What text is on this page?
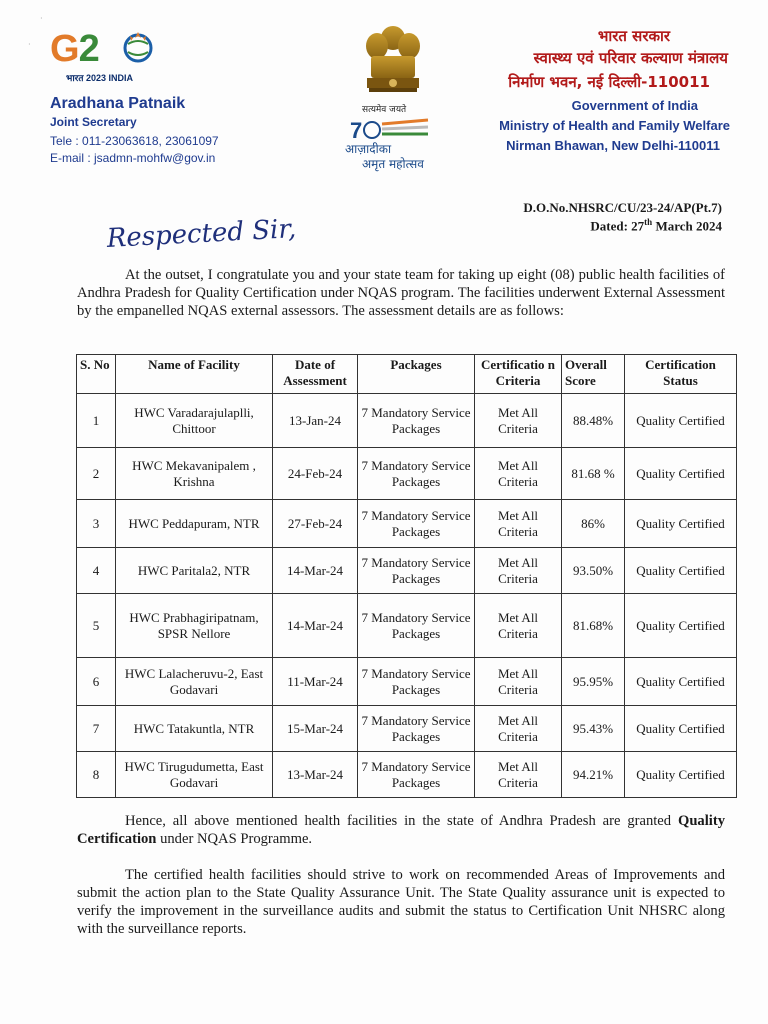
G2
भारत 2023 INDIA
·
·
Aradhana Patnaik
Joint Secretary
Tele : 011-23063618, 23061097
E-mail : jsadmn-mohfw@gov.in
सत्यमेव जयते
7
आज़ादीका
अमृत महोत्सव
भारत सरकार
स्वास्थ्य एवं परिवार कल्याण मंत्रालय
निर्माण भवन, नई दिल्ली-110011
Government of India
Ministry of Health and Family Welfare
Nirman Bhawan, New Delhi-110011
D.O.No.NHSRC/CU/23-24/AP(Pt.7)
Dated: 27th March 2024
Respected Sir,
At the outset, I congratulate you and your state team for taking up eight (08) public health facilities of Andhra Pradesh for Quality Certification under NQAS program. The facilities underwent External Assessment by the empanelled NQAS external assessors. The assessment details are as follows:
S. No	Name of Facility	Date of Assessment	Packages	Certificatio n Criteria	Overall Score	Certification Status
1	HWC Varadarajulaplli, Chittoor	13-Jan-24	7 Mandatory Service Packages	Met All Criteria	88.48%	Quality Certified
2	HWC Mekavanipalem , Krishna	24-Feb-24	7 Mandatory Service Packages	Met All Criteria	81.68 %	Quality Certified
3	HWC Peddapuram, NTR	27-Feb-24	7 Mandatory Service Packages	Met All Criteria	86%	Quality Certified
4	HWC Paritala2, NTR	14-Mar-24	7 Mandatory Service Packages	Met All Criteria	93.50%	Quality Certified
5	HWC Prabhagiripatnam, SPSR Nellore	14-Mar-24	7 Mandatory Service Packages	Met All Criteria	81.68%	Quality Certified
6	HWC Lalacheruvu-2, East Godavari	11-Mar-24	7 Mandatory Service Packages	Met All Criteria	95.95%	Quality Certified
7	HWC Tatakuntla, NTR	15-Mar-24	7 Mandatory Service Packages	Met All Criteria	95.43%	Quality Certified
8	HWC Tirugudumetta, East Godavari	13-Mar-24	7 Mandatory Service Packages	Met All Criteria	94.21%	Quality Certified
Hence, all above mentioned health facilities in the state of Andhra Pradesh are granted Quality Certification under NQAS Programme.
The certified health facilities should strive to work on recommended Areas of Improvements and submit the action plan to the State Quality Assurance Unit. The State Quality assurance unit is expected to verify the improvement in the surveillance audits and submit the status to Certification Unit NHSRC along with the surveillance reports.
